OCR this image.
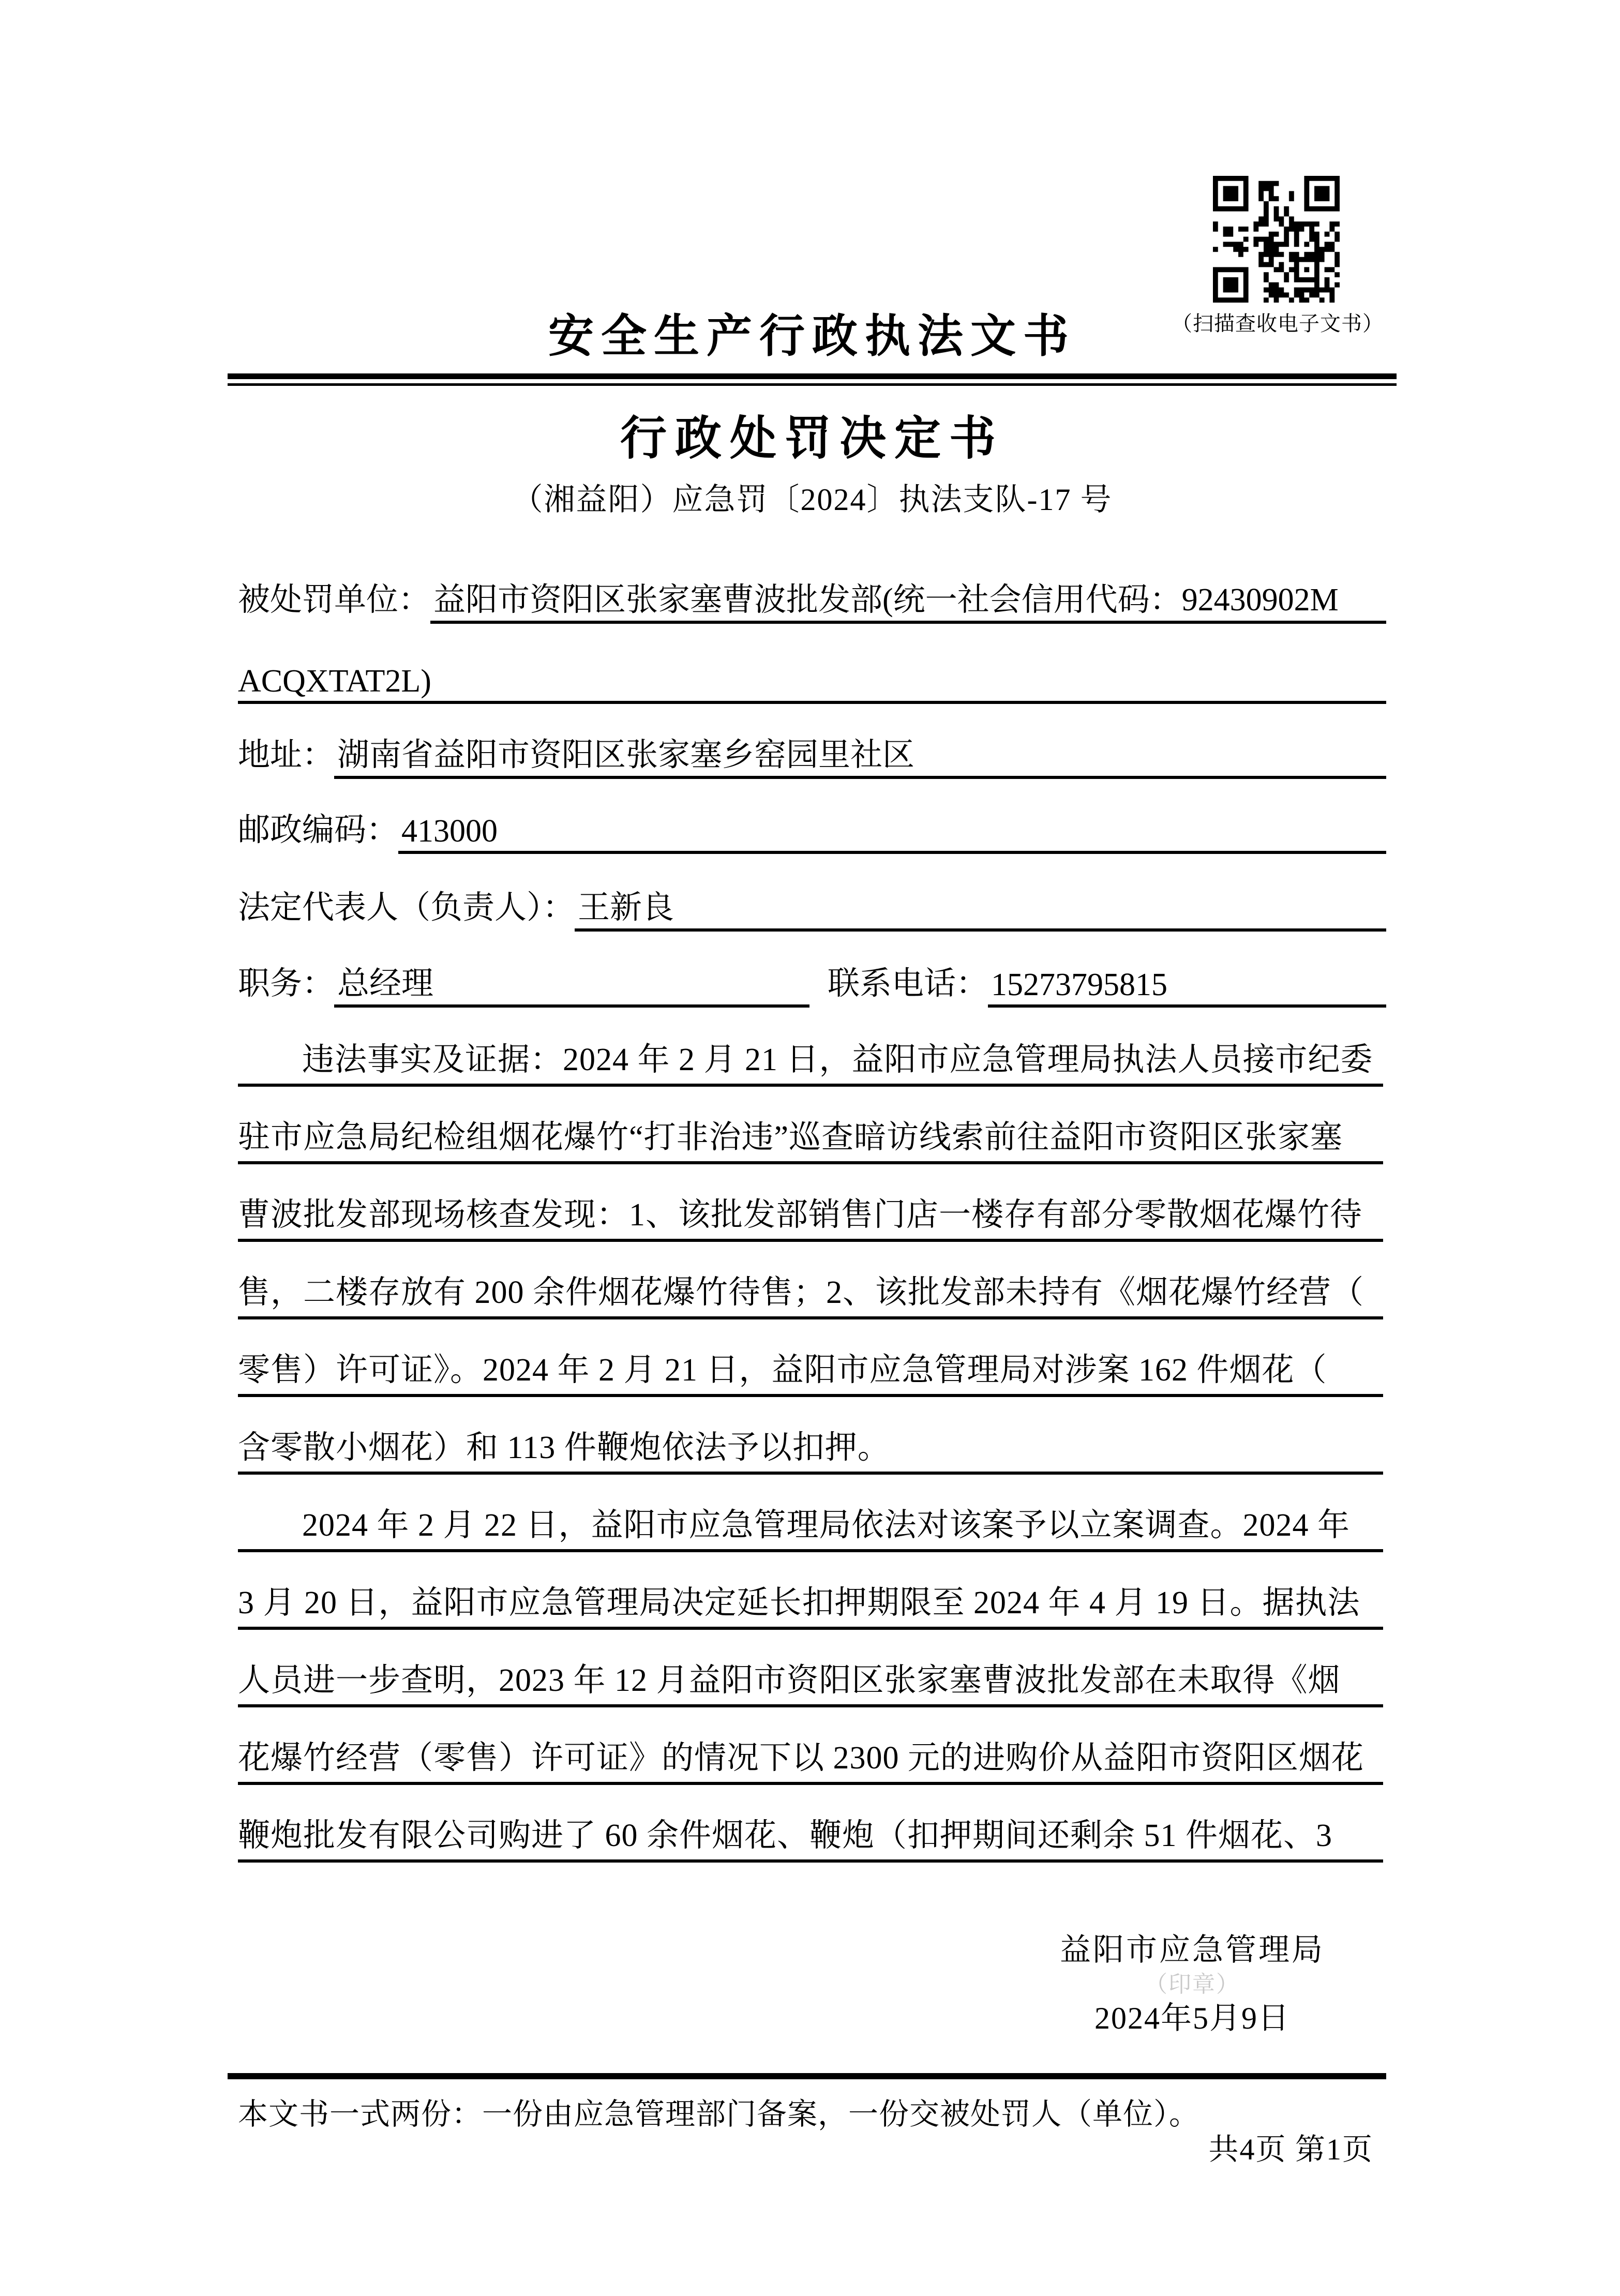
（扫描查收电子文书）
安全生产行政执法文书
行政处罚决定书
（湘益阳）应急罚〔2024〕执法支队-17 号
被处罚单位： 益阳市资阳区张家塞曹波批发部(统一社会信用代码：92430902M
ACQXTAT2L)
地址： 湖南省益阳市资阳区张家塞乡窑园里社区
邮政编码： 413000
法定代表人（负责人）： 王新良
职务： 总经理	联系电话： 15273795815
违法事实及证据：2024 年 2 月 21 日，益阳市应急管理局执法人员接市纪委
驻市应急局纪检组烟花爆竹“打非治违”巡查暗访线索前往益阳市资阳区张家塞
曹波批发部现场核查发现：1、该批发部销售门店一楼存有部分零散烟花爆竹待
售，二楼存放有 200 余件烟花爆竹待售；2、该批发部未持有《烟花爆竹经营（
零售）许可证》。2024 年 2 月 21 日，益阳市应急管理局对涉案 162 件烟花（
含零散小烟花）和 113 件鞭炮依法予以扣押。
2024 年 2 月 22 日，益阳市应急管理局依法对该案予以立案调查。2024 年
3 月 20 日，益阳市应急管理局决定延长扣押期限至 2024 年 4 月 19 日。据执法
人员进一步查明，2023 年 12 月益阳市资阳区张家塞曹波批发部在未取得《烟
花爆竹经营（零售）许可证》的情况下以 2300 元的进购价从益阳市资阳区烟花
鞭炮批发有限公司购进了 60 余件烟花、鞭炮（扣押期间还剩余 51 件烟花、3
益阳市应急管理局
（印章）
2024年5月9日
本文书一式两份：一份由应急管理部门备案，一份交被处罚人（单位）。
共4页 第1页
